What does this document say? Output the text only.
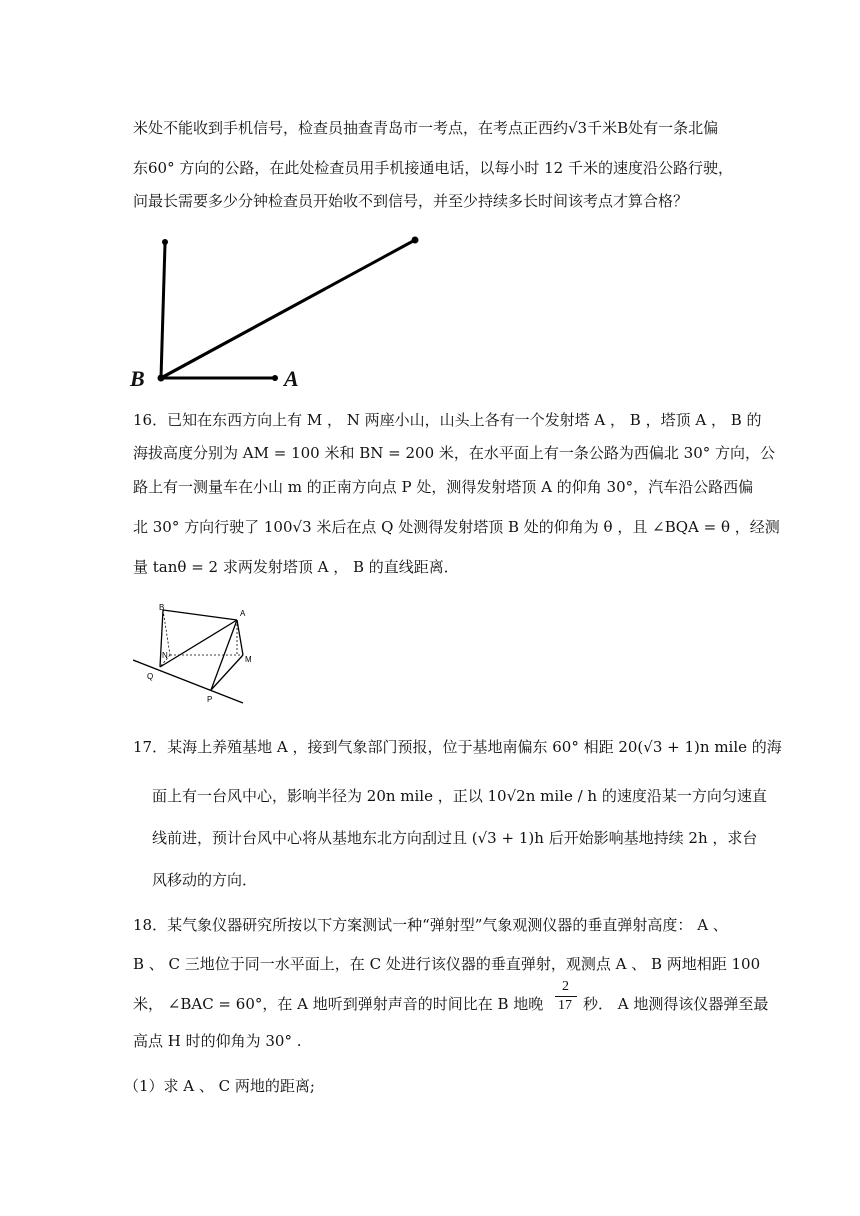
米处不能收到手机信号，检查员抽查青岛市一考点，在考点正西约√3千米B处有一条北偏
东60° 方向的公路，在此处检查员用手机接通电话，以每小时 12 千米的速度沿公路行驶，
问最长需要多少分钟检查员开始收不到信号，并至少持续多长时间该考点才算合格？
B	A
16．已知在东西方向上有 M ， N 两座小山，山头上各有一个发射塔 A ， B ，塔顶 A ， B 的
海拔高度分别为 AM = 100 米和 BN = 200 米，在水平面上有一条公路为西偏北 30° 方向，公
路上有一测量车在小山 m 的正南方向点 P 处，测得发射塔顶 A 的仰角 30°，汽车沿公路西偏
北 30° 方向行驶了 100√3 米后在点 Q 处测得发射塔顶 B 处的仰角为 θ ，且 ∠BQA = θ ，经测
量 tanθ = 2 求两发射塔顶 A ， B 的直线距离．
B
A
N	M
Q
P
17．某海上养殖基地 A ，接到气象部门预报，位于基地南偏东 60° 相距 20(√3 + 1)n mile 的海
面上有一台风中心，影响半径为 20n mile ，正以 10√2n mile / h 的速度沿某一方向匀速直
线前进，预计台风中心将从基地东北方向刮过且 (√3 + 1)h 后开始影响基地持续 2h ，求台
风移动的方向．
18．某气象仪器研究所按以下方案测试一种“弹射型”气象观测仪器的垂直弹射高度： A 、
B 、 C 三地位于同一水平面上，在 C 处进行该仪器的垂直弹射，观测点 A 、 B 两地相距 100
米， ∠BAC = 60°，在 A 地听到弹射声音的时间比在 B 地晚
2
17 秒． A 地测得该仪器弹至最
高点 H 时的仰角为 30° .
（1）求 A 、 C 两地的距离;
